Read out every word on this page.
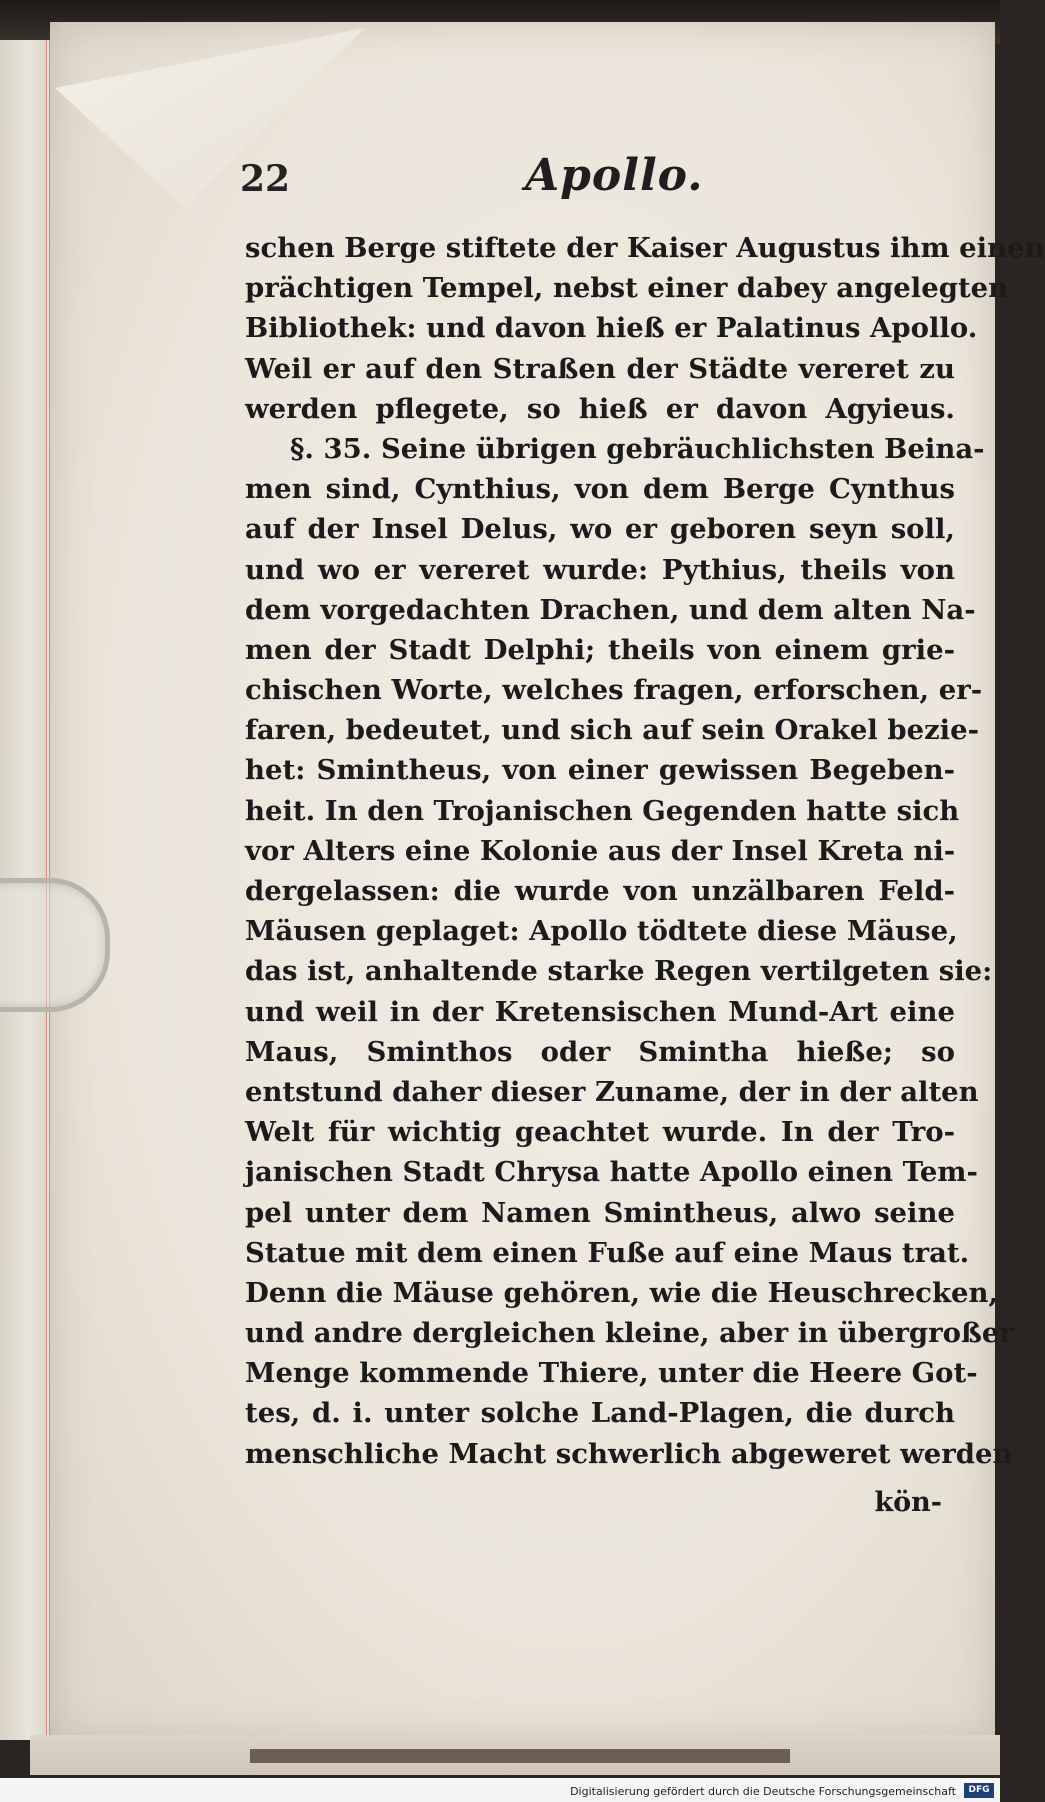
22	Apollo.
schen Berge stiftete der Kaiser Augustus ihm einen
prächtigen Tempel, nebst einer dabey angelegten
Bibliothek: und davon hieß er Palatinus Apollo.
Weil er auf den Straßen der Städte vereret zu
werden pflegete, so hieß er davon Agyieus.
§. 35. Seine übrigen gebräuchlichsten Beina-
men sind, Cynthius, von dem Berge Cynthus
auf der Insel Delus, wo er geboren seyn soll,
und wo er vereret wurde: Pythius, theils von
dem vorgedachten Drachen, und dem alten Na-
men der Stadt Delphi; theils von einem grie-
chischen Worte, welches fragen, erforschen, er-
faren, bedeutet, und sich auf sein Orakel bezie-
het: Smintheus, von einer gewissen Begeben-
heit. In den Trojanischen Gegenden hatte sich
vor Alters eine Kolonie aus der Insel Kreta ni-
dergelassen: die wurde von unzälbaren Feld-
Mäusen geplaget: Apollo tödtete diese Mäuse,
das ist, anhaltende starke Regen vertilgeten sie:
und weil in der Kretensischen Mund-Art eine
Maus, Sminthos oder Smintha hieße; so
entstund daher dieser Zuname, der in der alten
Welt für wichtig geachtet wurde. In der Tro-
janischen Stadt Chrysa hatte Apollo einen Tem-
pel unter dem Namen Smintheus, alwo seine
Statue mit dem einen Fuße auf eine Maus trat.
Denn die Mäuse gehören, wie die Heuschrecken,
und andre dergleichen kleine, aber in übergroßer
Menge kommende Thiere, unter die Heere Got-
tes, d. i. unter solche Land-Plagen, die durch
menschliche Macht schwerlich abgeweret werden
kön-
Digitalisierung gefördert durch die Deutsche Forschungsgemeinschaft	DFG
